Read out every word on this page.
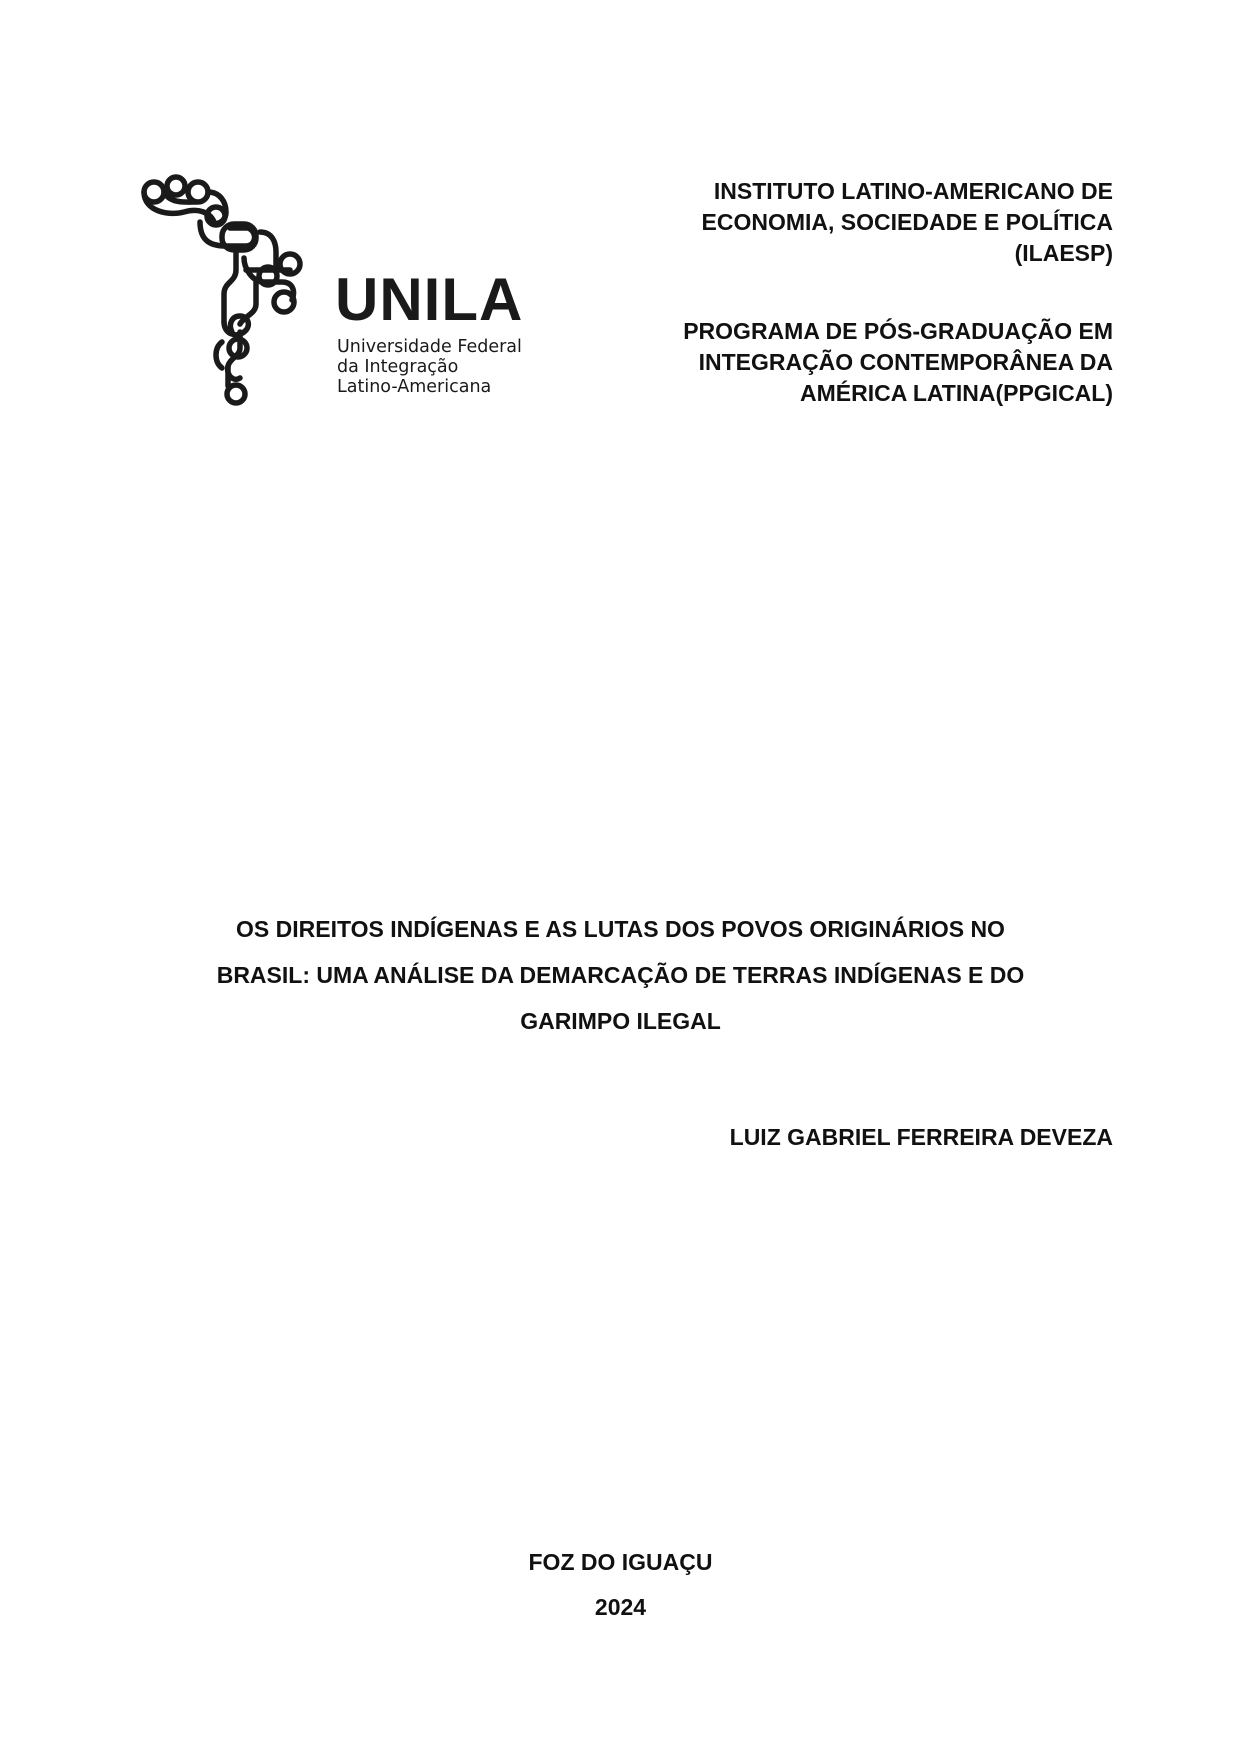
UNILA
Universidade Federal
da Integração
Latino-Americana
INSTITUTO LATINO-AMERICANO DE
ECONOMIA, SOCIEDADE E POLÍTICA
(ILAESP)
PROGRAMA DE PÓS-GRADUAÇÃO EM
INTEGRAÇÃO CONTEMPORÂNEA DA
AMÉRICA LATINA(PPGICAL)
OS DIREITOS INDÍGENAS E AS LUTAS DOS POVOS ORIGINÁRIOS NO
BRASIL: UMA ANÁLISE DA DEMARCAÇÃO DE TERRAS INDÍGENAS E DO
GARIMPO ILEGAL
LUIZ GABRIEL FERREIRA DEVEZA
FOZ DO IGUAÇU
2024
